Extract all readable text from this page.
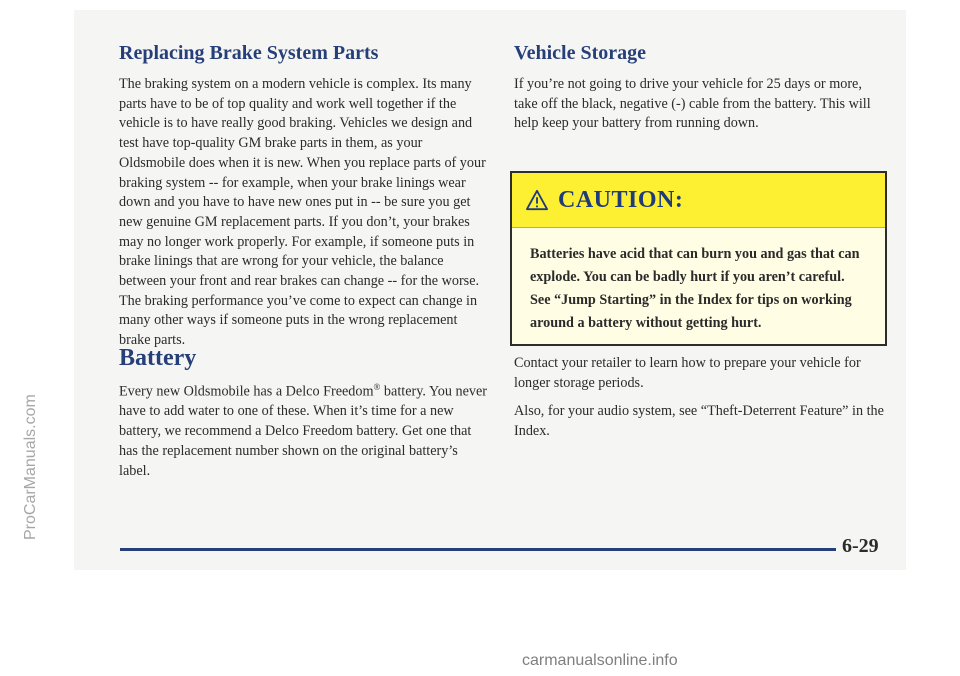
ProCarManuals.com
Replacing Brake System Parts

The braking system on a modern vehicle is complex. Its many parts have to be of top quality and work well together if the vehicle is to have really good braking. Vehicles we design and test have top-quality GM brake parts in them, as your Oldsmobile does when it is new. When you replace parts of your braking system -- for example, when your brake linings wear down and you have to have new ones put in -- be sure you get new genuine GM replacement parts. If you don’t, your brakes may no longer work properly. For example, if someone puts in brake linings that are wrong for your vehicle, the balance between your front and rear brakes can change -- for the worse. The braking performance you’ve come to expect can change in many other ways if someone puts in the wrong replacement brake parts.

Battery

Every new Oldsmobile has a Delco Freedom® battery. You never have to add water to one of these. When it’s time for a new battery, we recommend a Delco Freedom battery. Get one that has the replacement number shown on the original battery’s label.

Vehicle Storage

If you’re not going to drive your vehicle for 25 days or more, take off the black, negative (-) cable from the battery. This will help keep your battery from running down.

CAUTION:
Batteries have acid that can burn you and gas that can explode. You can be badly hurt if you aren’t careful. See “Jump Starting” in the Index for tips on working around a battery without getting hurt.

Contact your retailer to learn how to prepare your vehicle for longer storage periods.

Also, for your audio system, see “Theft-Deterrent Feature” in the Index.

6-29
carmanualsonline.info
